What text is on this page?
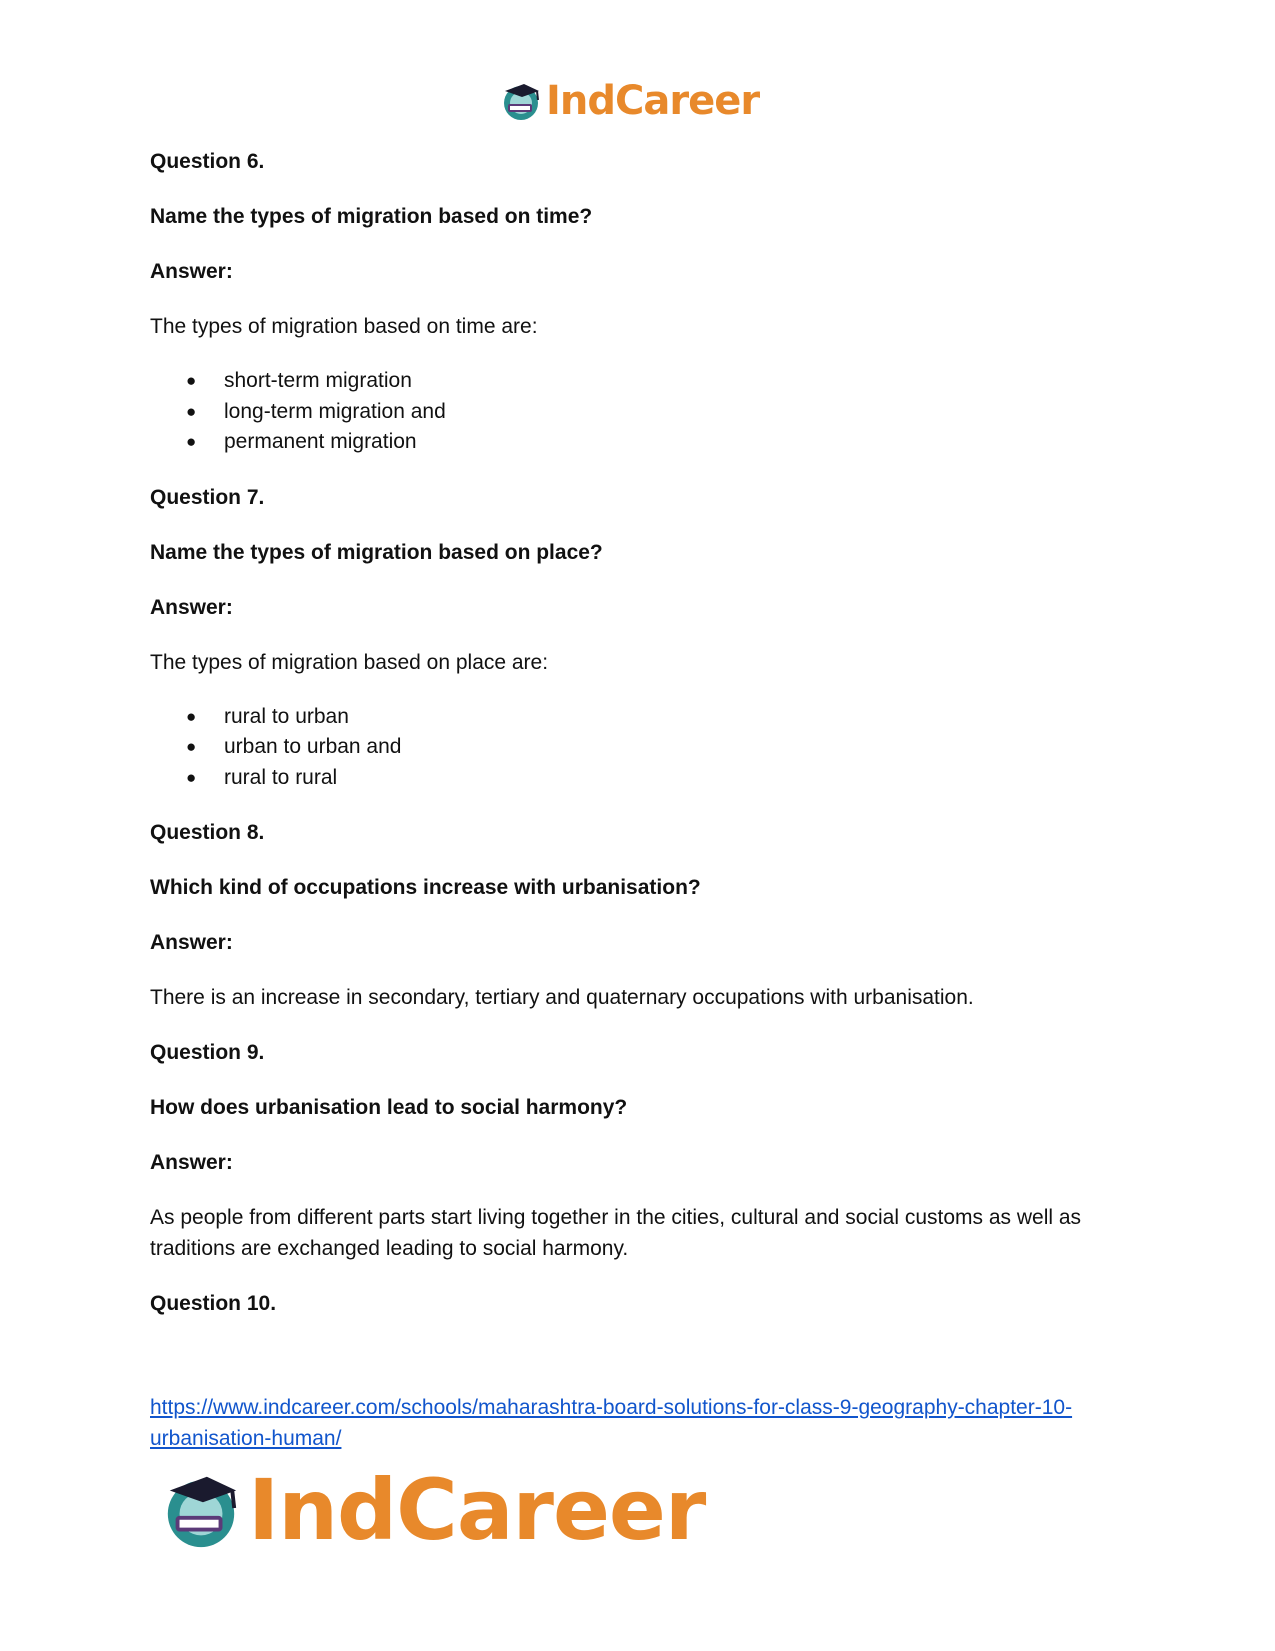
IndCareer

Question 6.

Name the types of migration based on time?

Answer:

The types of migration based on time are:

● short-term migration
● long-term migration and
● permanent migration

Question 7.

Name the types of migration based on place?

Answer:

The types of migration based on place are:

● rural to urban
● urban to urban and
● rural to rural

Question 8.

Which kind of occupations increase with urbanisation?

Answer:

There is an increase in secondary, tertiary and quaternary occupations with urbanisation.

Question 9.

How does urbanisation lead to social harmony?

Answer:

As people from different parts start living together in the cities, cultural and social customs as well as traditions are exchanged leading to social harmony.

Question 10.

https://www.indcareer.com/schools/maharashtra-board-solutions-for-class-9-geography-chapter-10-urbanisation-human/
IndCareer
